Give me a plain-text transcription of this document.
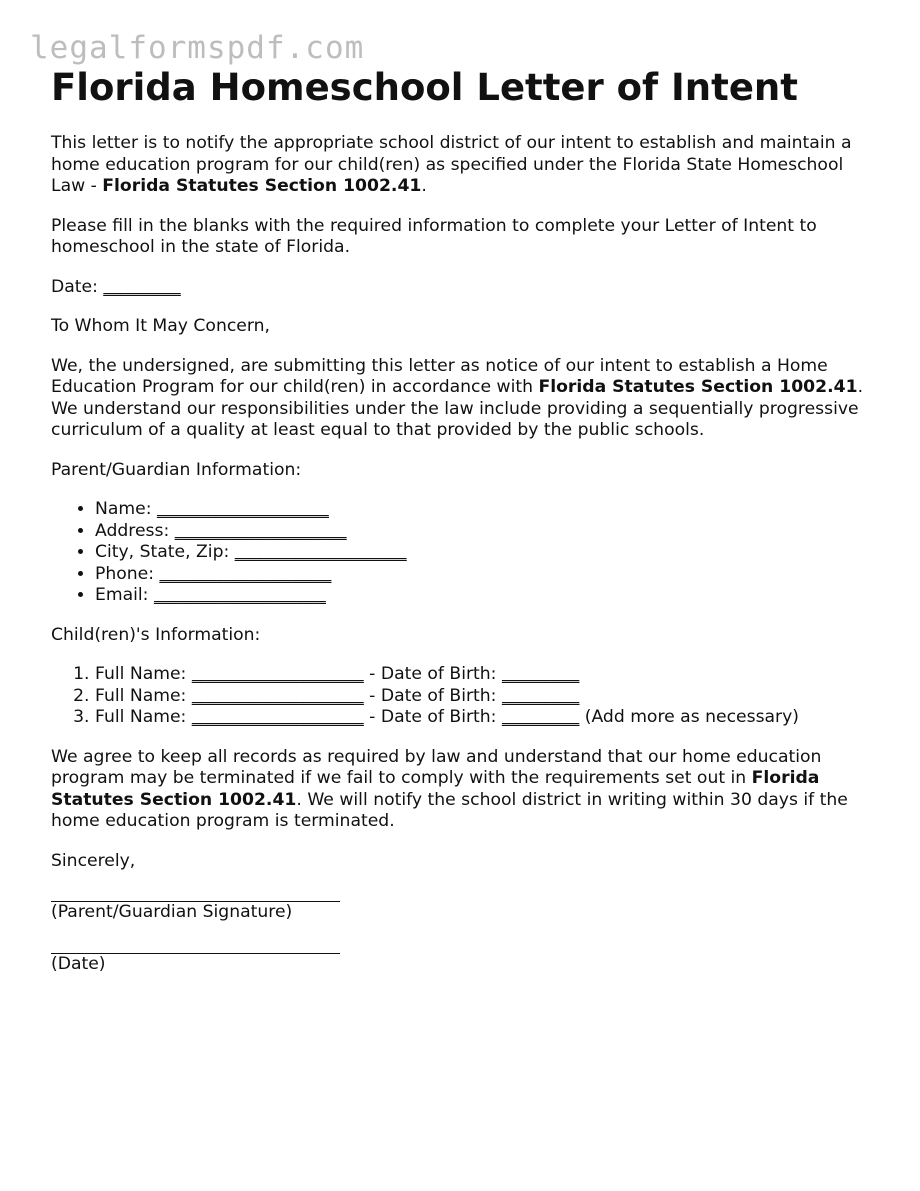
legalformspdf.com
Florida Homeschool Letter of Intent

This letter is to notify the appropriate school district of our intent to establish and maintain a home education program for our child(ren) as specified under the Florida State Homeschool Law - Florida Statutes Section 1002.41.

Please fill in the blanks with the required information to complete your Letter of Intent to homeschool in the state of Florida.

Date: _________

To Whom It May Concern,

We, the undersigned, are submitting this letter as notice of our intent to establish a Home Education Program for our child(ren) in accordance with Florida Statutes Section 1002.41. We understand our responsibilities under the law include providing a sequentially progressive curriculum of a quality at least equal to that provided by the public schools.

Parent/Guardian Information:

• Name: ____________________
• Address: ____________________
• City, State, Zip: ____________________
• Phone: ____________________
• Email: ____________________

Child(ren)'s Information:

1. Full Name: ____________________ - Date of Birth: _________
2. Full Name: ____________________ - Date of Birth: _________
3. Full Name: ____________________ - Date of Birth: _________ (Add more as necessary)

We agree to keep all records as required by law and understand that our home education program may be terminated if we fail to comply with the requirements set out in Florida Statutes Section 1002.41. We will notify the school district in writing within 30 days if the home education program is terminated.

Sincerely,

(Parent/Guardian Signature)

(Date)
